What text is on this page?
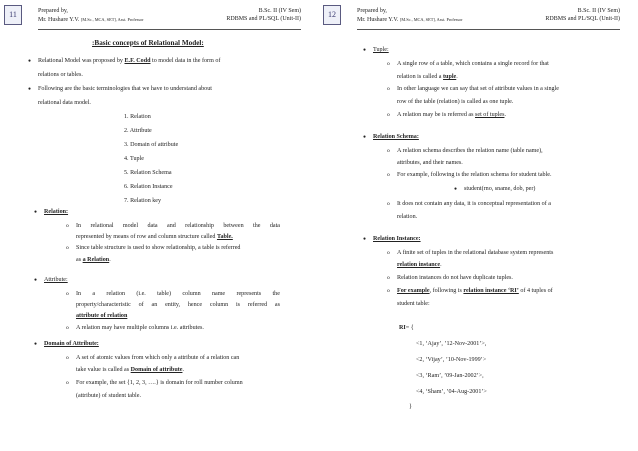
11	Prepared by,
Mr. Hushare Y.V. [M.Sc., MCA, SET], Asst. Professor
B.Sc. II (IV Sem)
RDBMS and PL/SQL (Unit-II)
:Basic concepts of Relational Model:
● Relational Model was proposed by E.F. Codd to model data in the form of
relations or tables.
● Following are the basic terminologies that we have to understand about
relational data model.
1. Relation
2. Attribute
3. Domain of attribute
4. Tuple
5. Relation Schema
6. Relation Instance
7. Relation key
● Relation:
o In relational model data and relationship between the data
represented by means of row and column structure called Table.
o Since table structure is used to show relationship, a table is referred
as a Relation.
● Attribute:
o In a relation (i.e. table) column name represents the
property/characteristic of an entity, hence column is referred as
attribute of relation
o A relation may have multiple columns i.e. attributes.
● Domain of Attribute:
o A set of atomic values from which only a attribute of a relation can
take value is called as Domain of attribute.
o For example, the set {1, 2, 3, ….} is domain for roll number column
(attribute) of student table.
12	Prepared by,
Mr. Hushare Y.V. [M.Sc., MCA, SET], Asst. Professor
B.Sc. II (IV Sem)
RDBMS and PL/SQL (Unit-II)
● Tuple:
o A single row of a table, which contains a single record for that
relation is called a tuple.
o In other language we can say that set of attribute values in a single
row of the table (relation) is called as one tuple.
o A relation may be is referred as set of tuples.
● Relation Schema:
o A relation schema describes the relation name (table name),
attributes, and their names.
o For example, following is the relation schema for student table.
● student(rno, sname, dob, per)
o It does not contain any data, it is conceptual representation of a
relation.
● Relation Instance:
o A finite set of tuples in the relational database system represents
relation instance.
o Relation instances do not have duplicate tuples.
o For example, following is relation instance ‘RI’ of 4 tuples of
student table:
RI= {
<1, ‘Ajay’, ’12-Nov-2001’>,
<2, ‘Vijay’, ’10-Nov-1999’>
<3, ‘Ram’, ’09-Jan-2002’>,
<4, ‘Sham’, ’04-Aug-2001’>
}
